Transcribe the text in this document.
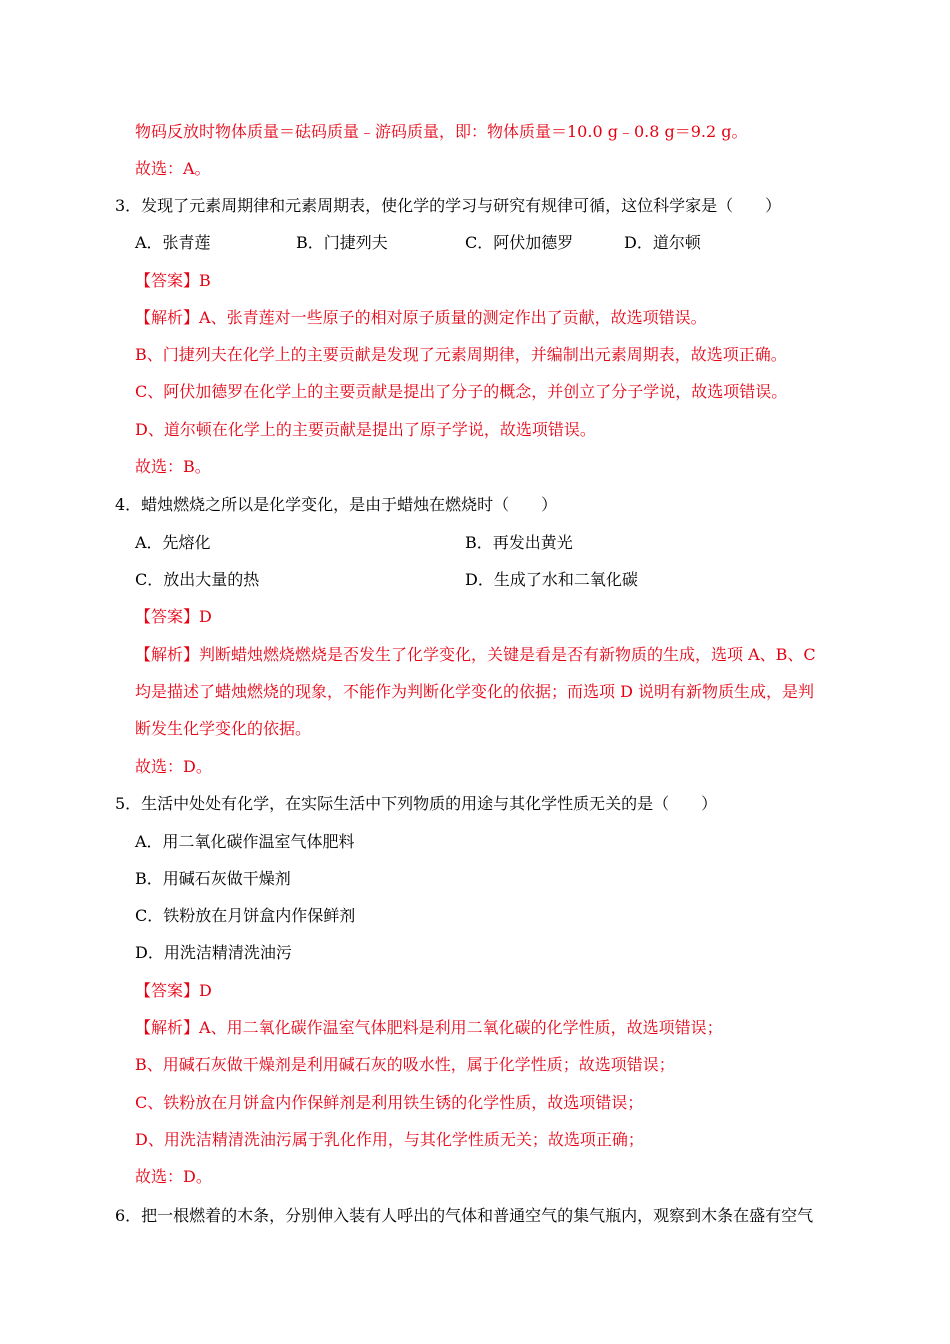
物码反放时物体质量＝砝码质量﹣游码质量，即：物体质量＝10.0 g﹣0.8 g＝9.2 g。
故选：A。
3．发现了元素周期律和元素周期表，使化学的学习与研究有规律可循，这位科学家是（　　）
A．张青莲	B．门捷列夫	C．阿伏加德罗	D．道尔顿
【答案】B
【解析】A、张青莲对一些原子的相对原子质量的测定作出了贡献，故选项错误。
B、门捷列夫在化学上的主要贡献是发现了元素周期律，并编制出元素周期表，故选项正确。
C、阿伏加德罗在化学上的主要贡献是提出了分子的概念，并创立了分子学说，故选项错误。
D、道尔顿在化学上的主要贡献是提出了原子学说，故选项错误。
故选：B。
4．蜡烛燃烧之所以是化学变化，是由于蜡烛在燃烧时（　　）
A．先熔化	B．再发出黄光
C．放出大量的热	D．生成了水和二氧化碳
【答案】D
【解析】判断蜡烛燃烧燃烧是否发生了化学变化，关键是看是否有新物质的生成，选项 A、B、C
均是描述了蜡烛燃烧的现象，不能作为判断化学变化的依据；而选项 D 说明有新物质生成，是判
断发生化学变化的依据。
故选：D。
5．生活中处处有化学，在实际生活中下列物质的用途与其化学性质无关的是（　　）
A．用二氧化碳作温室气体肥料
B．用碱石灰做干燥剂
C．铁粉放在月饼盒内作保鲜剂
D．用洗洁精清洗油污
【答案】D
【解析】A、用二氧化碳作温室气体肥料是利用二氧化碳的化学性质，故选项错误；
B、用碱石灰做干燥剂是利用碱石灰的吸水性，属于化学性质；故选项错误；
C、铁粉放在月饼盒内作保鲜剂是利用铁生锈的化学性质，故选项错误；
D、用洗洁精清洗油污属于乳化作用，与其化学性质无关；故选项正确；
故选：D。
6．把一根燃着的木条，分别伸入装有人呼出的气体和普通空气的集气瓶内，观察到木条在盛有空气
